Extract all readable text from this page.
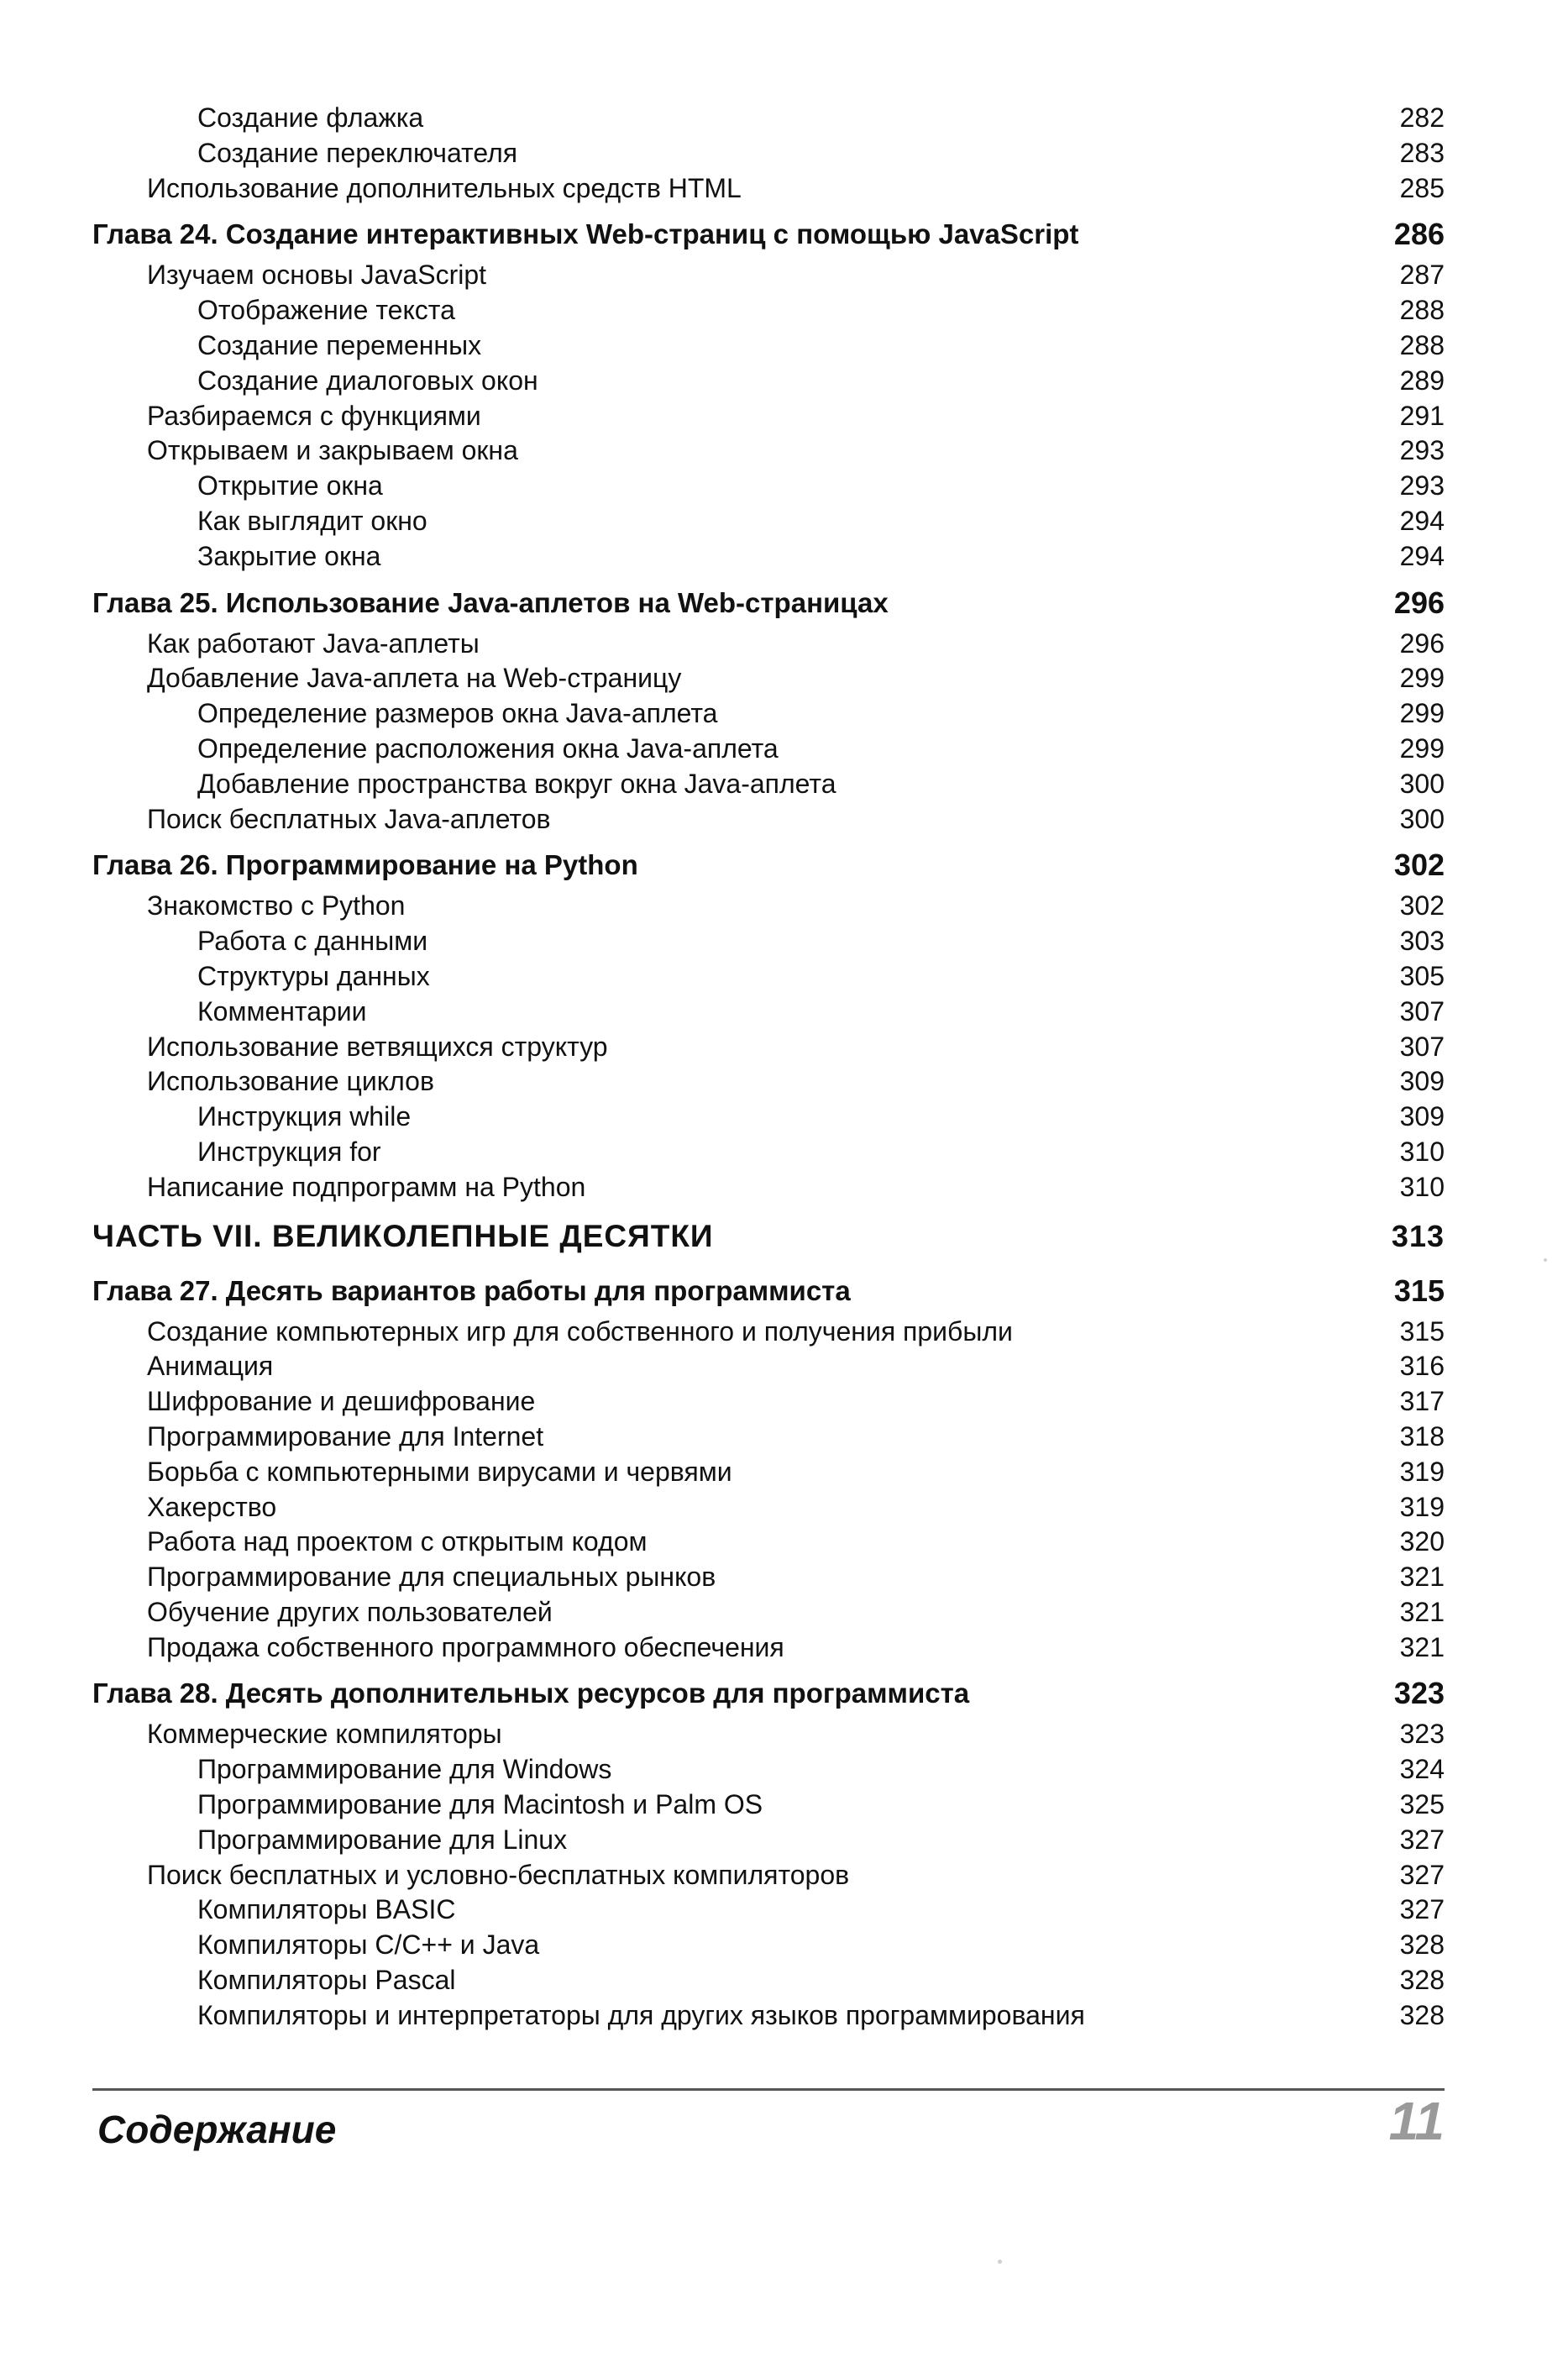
Создание флажка	282
Создание переключателя	283
Использование дополнительных средств HTML	285
Глава 24. Создание интерактивных Web-страниц с помощью JavaScript	286
Изучаем основы JavaScript	287
Отображение текста	288
Создание переменных	288
Создание диалоговых окон	289
Разбираемся с функциями	291
Открываем и закрываем окна	293
Открытие окна	293
Как выглядит окно	294
Закрытие окна	294
Глава 25. Использование Java-аплетов на Web-страницах	296
Как работают Java-аплеты	296
Добавление Java-аплета на Web-страницу	299
Определение размеров окна Java-аплета	299
Определение расположения окна Java-аплета	299
Добавление пространства вокруг окна Java-аплета	300
Поиск бесплатных Java-аплетов	300
Глава 26. Программирование на Python	302
Знакомство с Python	302
Работа с данными	303
Структуры данных	305
Комментарии	307
Использование ветвящихся структур	307
Использование циклов	309
Инструкция while	309
Инструкция for	310
Написание подпрограмм на Python	310
ЧАСТЬ VII. ВЕЛИКОЛЕПНЫЕ ДЕСЯТКИ	313
Глава 27. Десять вариантов работы для программиста	315
Создание компьютерных игр для собственного и получения прибыли	315
Анимация	316
Шифрование и дешифрование	317
Программирование для Internet	318
Борьба с компьютерными вирусами и червями	319
Хакерство	319
Работа над проектом с открытым кодом	320
Программирование для специальных рынков	321
Обучение других пользователей	321
Продажа собственного программного обеспечения	321
Глава 28. Десять дополнительных ресурсов для программиста	323
Коммерческие компиляторы	323
Программирование для Windows	324
Программирование для Macintosh и Palm OS	325
Программирование для Linux	327
Поиск бесплатных и условно-бесплатных компиляторов	327
Компиляторы BASIC	327
Компиляторы C/C++ и Java	328
Компиляторы Pascal	328
Компиляторы и интерпретаторы для других языков программирования	328
Содержание	11
